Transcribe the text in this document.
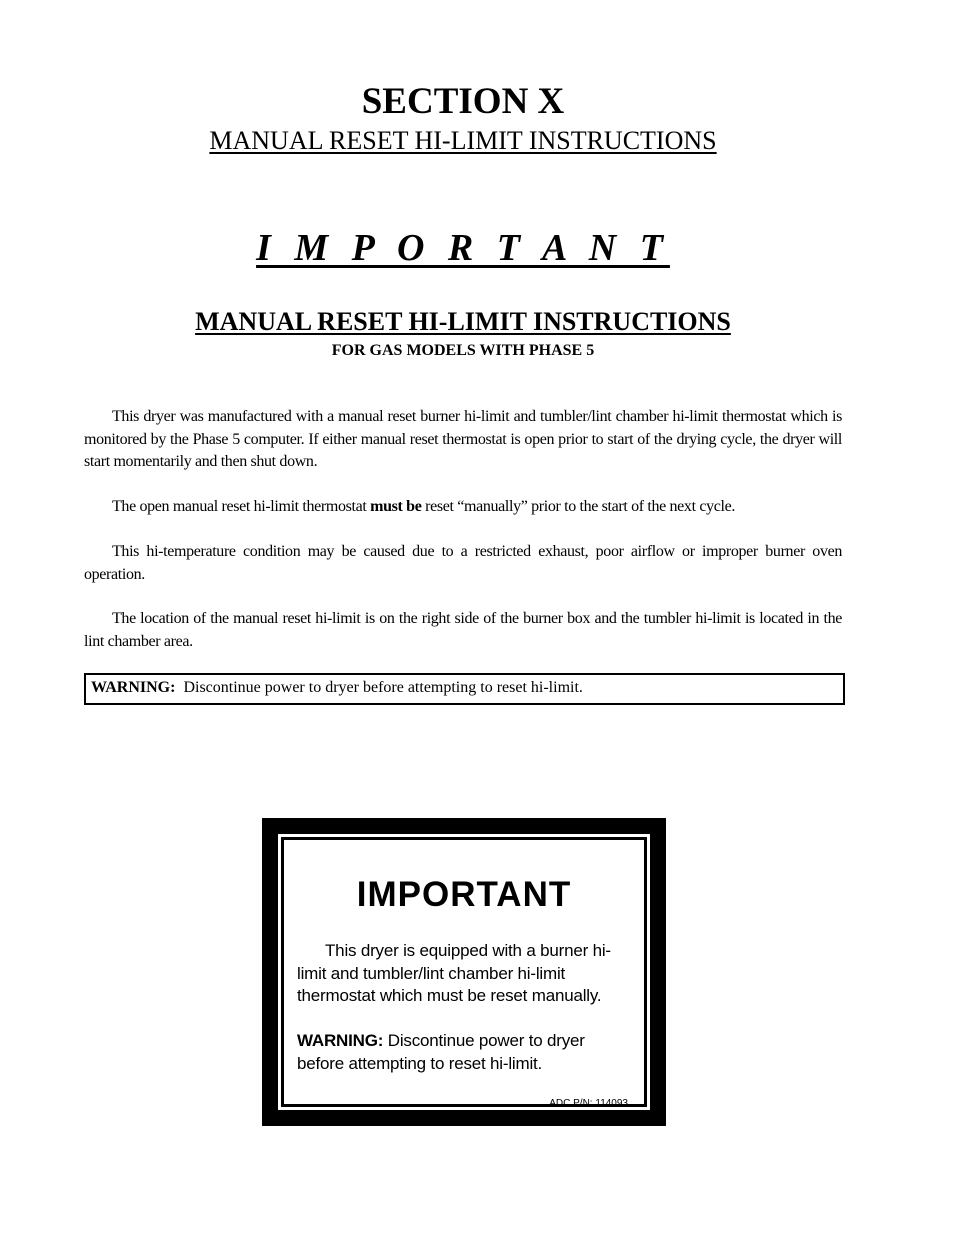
SECTION X
MANUAL RESET HI-LIMIT INSTRUCTIONS
I M P O R T A N T
MANUAL RESET HI-LIMIT INSTRUCTIONS
FOR GAS MODELS WITH PHASE 5

This dryer was manufactured with a manual reset burner hi-limit and tumbler/lint chamber hi-limit thermostat which is monitored by the Phase 5 computer. If either manual reset thermostat is open prior to start of the drying cycle, the dryer will start momentarily and then shut down.

The open manual reset hi-limit thermostat must be reset “manually” prior to the start of the next cycle.

This hi-temperature condition may be caused due to a restricted exhaust, poor airflow or improper burner oven operation.

The location of the manual reset hi-limit is on the right side of the burner box and the tumbler hi-limit is located in the lint chamber area.

WARNING: Discontinue power to dryer before attempting to reset hi-limit.
IMPORTANT

This dryer is equipped with a burner hi-limit and tumbler/lint chamber hi-limit thermostat which must be reset manually.

WARNING: Discontinue power to dryer before attempting to reset hi-limit.

ADC P/N: 114093
